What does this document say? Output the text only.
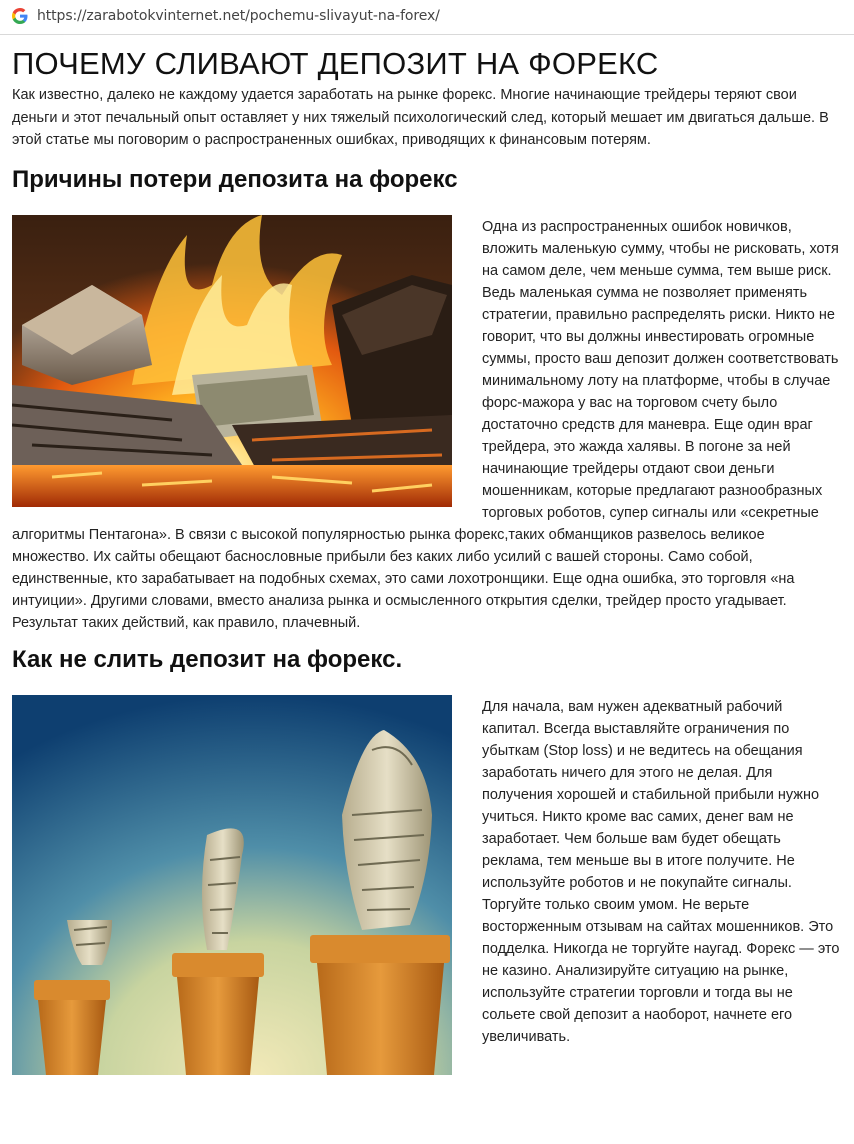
https://zarabotokvinternet.net/pochemu-slivayut-na-forex/
ПОЧЕМУ СЛИВАЮТ ДЕПОЗИТ НА ФОРЕКС

Как известно, далеко не каждому удается заработать на рынке форекс. Многие начинающие трейдеры теряют свои деньги и этот печальный опыт оставляет у них тяжелый психологический след, который мешает им двигаться дальше. В этой статье мы поговорим о распространенных ошибках, приводящих к финансовым потерям.

Причины потери депозита на форекс

Одна из распространенных ошибок новичков, вложить маленькую сумму, чтобы не рисковать, хотя на самом деле, чем меньше сумма, тем выше риск. Ведь маленькая сумма не позволяет применять стратегии, правильно распределять риски. Никто не говорит, что вы должны инвестировать огромные суммы, просто ваш депозит должен соответствовать минимальному лоту на платформе, чтобы в случае форс-мажора у вас на торговом счету было достаточно средств для маневра. Еще один враг трейдера, это жажда халявы. В погоне за ней начинающие трейдеры отдают свои деньги мошенникам, которые предлагают разнообразных торговых роботов, супер сигналы или «секретные алгоритмы Пентагона». В связи с высокой популярностью рынка форекс,таких обманщиков развелось великое множество. Их сайты обещают баснословные прибыли без каких либо усилий с вашей стороны. Само собой, единственные, кто зарабатывает на подобных схемах, это сами лохотронщики. Еще одна ошибка, это торговля «на интуиции». Другими словами, вместо анализа рынка и осмысленного открытия сделки, трейдер просто угадывает. Результат таких действий, как правило, плачевный.

Как не слить депозит на форекс.

Для начала, вам нужен адекватный рабочий капитал. Всегда выставляйте ограничения по убыткам (Stop loss) и не ведитесь на обещания заработать ничего для этого не делая. Для получения хорошей и стабильной прибыли нужно учиться. Никто кроме вас самих, денег вам не заработает. Чем больше вам будет обещать реклама, тем меньше вы в итоге получите. Не используйте роботов и не покупайте сигналы. Торгуйте только своим умом. Не верьте восторженным отзывам на сайтах мошенников. Это подделка. Никогда не торгуйте наугад. Форекс — это не казино. Анализируйте ситуацию на рынке, используйте стратегии торговли и тогда вы не сольете свой депозит а наоборот, начнете его увеличивать.
